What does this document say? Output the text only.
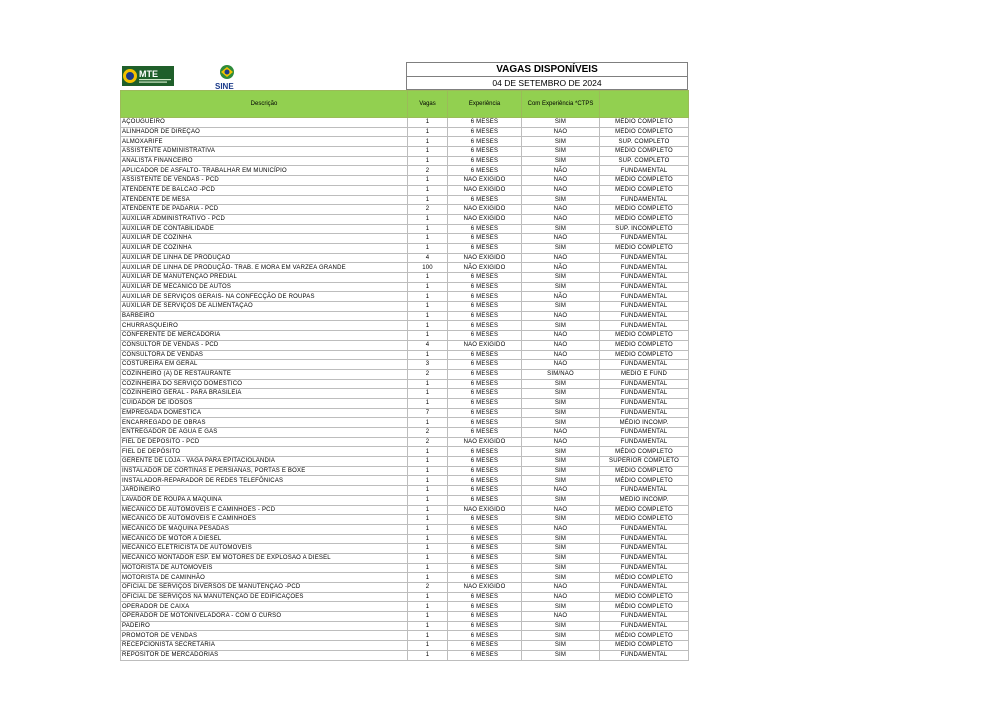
MTE
SINE
VAGAS DISPONÍVEIS
04 DE SETEMBRO DE 2024
Descrição	Vagas	Experiência	Com Experiência *CTPS	
AÇOUGUEIRO	1	6 MESES	SIM	MÉDIO COMPLETO
ALINHADOR DE DIREÇÃO	1	6 MESES	NÃO	MÉDIO COMPLETO
ALMOXARIFE	1	6 MESES	SIM	SUP. COMPLETO
ASSISTENTE ADMINISTRATIVA	1	6 MESES	SIM	MÉDIO COMPLETO
ANALISTA FINANCEIRO	1	6 MESES	SIM	SUP. COMPLETO
APLICADOR DE ASFALTO- TRABALHAR EM MUNICÍPIO	2	6 MESES	NÃO	FUNDAMENTAL
ASSISTENTE DE VENDAS - PCD	1	NÃO EXIGIDO	NÃO	MÉDIO COMPLETO
ATENDENTE DE BALCÃO -PCD	1	NÃO EXIGIDO	NÃO	MÉDIO COMPLETO
ATENDENTE DE MESA	1	6 MESES	SIM	FUNDAMENTAL
ATENDENTE DE PADARIA - PCD	2	NÃO EXIGIDO	NÃO	MÉDIO COMPLETO
AUXILIAR ADMINISTRATIVO - PCD	1	NÃO EXIGIDO	NÃO	MÉDIO COMPLETO
AUXILIAR DE CONTABILIDADE	1	6 MESES	SIM	SUP. INCOMPLETO
AUXILIAR DE COZINHA	1	6 MESES	NÃO	FUNDAMENTAL
AUXILIAR DE COZINHA	1	6 MESES	SIM	MÉDIO COMPLETO
AUXILIAR DE LINHA DE PRODUÇÃO	4	NÃO EXIGIDO	NÃO	FUNDAMENTAL
AUXILIAR DE LINHA DE PRODUÇÃO- TRAB. E MORA EM VARZEA GRANDE	100	NÃO EXIGIDO	NÃO	FUNDAMENTAL
AUXILIAR DE MANUTENÇÃO PREDIAL	1	6 MESES	SIM	FUNDAMENTAL
AUXILIAR DE MECÂNICO DE AUTOS	1	6 MESES	SIM	FUNDAMENTAL
AUXILIAR DE SERVIÇOS GERAIS- NA CONFECÇÃO DE ROUPAS	1	6 MESES	NÃO	FUNDAMENTAL
AUXILIAR DE SERVIÇOS DE ALIMENTAÇÃO	1	6 MESES	SIM	FUNDAMENTAL
BARBEIRO	1	6 MESES	NÃO	FUNDAMENTAL
CHURRASQUEIRO	1	6 MESES	SIM	FUNDAMENTAL
CONFERENTE DE MERCADORIA	1	6 MESES	NÃO	MÉDIO COMPLETO
CONSULTOR DE VENDAS - PCD	4	NÃO EXIGIDO	NÃO	MÉDIO COMPLETO
CONSULTORA DE VENDAS	1	6 MESES	NÃO	MÉDIO COMPLETO
COSTUREIRA EM GERAL	3	6 MESES	NÃO	FUNDAMENTAL
COZINHEIRO (A) DE RESTAURANTE	2	6 MESES	SIM/NÃO	MÉDIO E FUND
COZINHEIRA DO SERVIÇO DOMÉSTICO	1	6 MESES	SIM	FUNDAMENTAL
COZINHEIRO GERAL - PARA BRASILEIA	1	6 MESES	SIM	FUNDAMENTAL
CUIDADOR DE IDOSOS	1	6 MESES	SIM	FUNDAMENTAL
EMPREGADA DOMÉSTICA	7	6 MESES	SIM	FUNDAMENTAL
ENCARREGADO DE OBRAS	1	6 MESES	SIM	MÉDIO INCOMP.
ENTREGADOR DE ÁGUA E GÁS	2	6 MESES	NÃO	FUNDAMENTAL
FIEL DE DEPÓSITO - PCD	2	NÃO EXIGIDO	NÃO	FUNDAMENTAL
FIEL DE DEPÓSITO	1	6 MESES	SIM	MÉDIO COMPLETO
GERENTE DE LOJA - VAGA PARA EPITACIOLÂNDIA	1	6 MESES	SIM	SUPERIOR COMPLETO
INSTALADOR DE CORTINAS E PERSIANAS, PORTAS E BOXE	1	6 MESES	SIM	MÉDIO COMPLETO
INSTALADOR-REPARADOR DE REDES TELEFÔNICAS	1	6 MESES	SIM	MÉDIO COMPLETO
JARDINEIRO	1	6 MESES	NÃO	FUNDAMENTAL
LAVADOR DE ROUPA A MAQUINA	1	6 MESES	SIM	MÉDIO INCOMP.
MECÂNICO DE AUTOMÓVEIS E CAMINHÕES - PCD	1	NÃO EXIGIDO	NÃO	MÉDIO COMPLETO
MECÂNICO DE AUTOMÓVEIS E CAMINHÕES	1	6 MESES	SIM	MÉDIO COMPLETO
MECÂNICO DE MÁQUINA PESADAS	1	6 MESES	NÃO	FUNDAMENTAL
MECÂNICO DE MOTOR A DIESEL	1	6 MESES	SIM	FUNDAMENTAL
MECÂNICO ELETRICISTA DE AUTOMÓVEIS	1	6 MESES	SIM	FUNDAMENTAL
MECÂNICO MONTADOR ESP. EM MOTORES DE EXPLOSÃO A DIESEL	1	6 MESES	SIM	FUNDAMENTAL
MOTORISTA DE AUTOMÓVEIS	1	6 MESES	SIM	FUNDAMENTAL
MOTORISTA DE CAMINHÃO	1	6 MESES	SIM	MÉDIO COMPLETO
OFICIAL DE SERVIÇOS DIVERSOS DE MANUTENÇÃO -PCD	2	NÃO EXIGIDO	NÃO	FUNDAMENTAL
OFICIAL DE SERVIÇOS NA MANUTENÇÃO DE EDIFICAÇÕES	1	6 MESES	NÃO	MÉDIO COMPLETO
OPERADOR DE CAIXA	1	6 MESES	SIM	MÉDIO COMPLETO
OPERADOR DE MOTONIVELADORA - COM O CURSO	1	6 MESES	NÃO	FUNDAMENTAL
PADEIRO	1	6 MESES	SIM	FUNDAMENTAL
PROMOTOR DE VENDAS	1	6 MESES	SIM	MÉDIO COMPLETO
RECEPCIONISTA SECRETÁRIA	1	6 MESES	SIM	MÉDIO COMPLETO
REPOSITOR DE MERCADORIAS	1	6 MESES	SIM	FUNDAMENTAL
